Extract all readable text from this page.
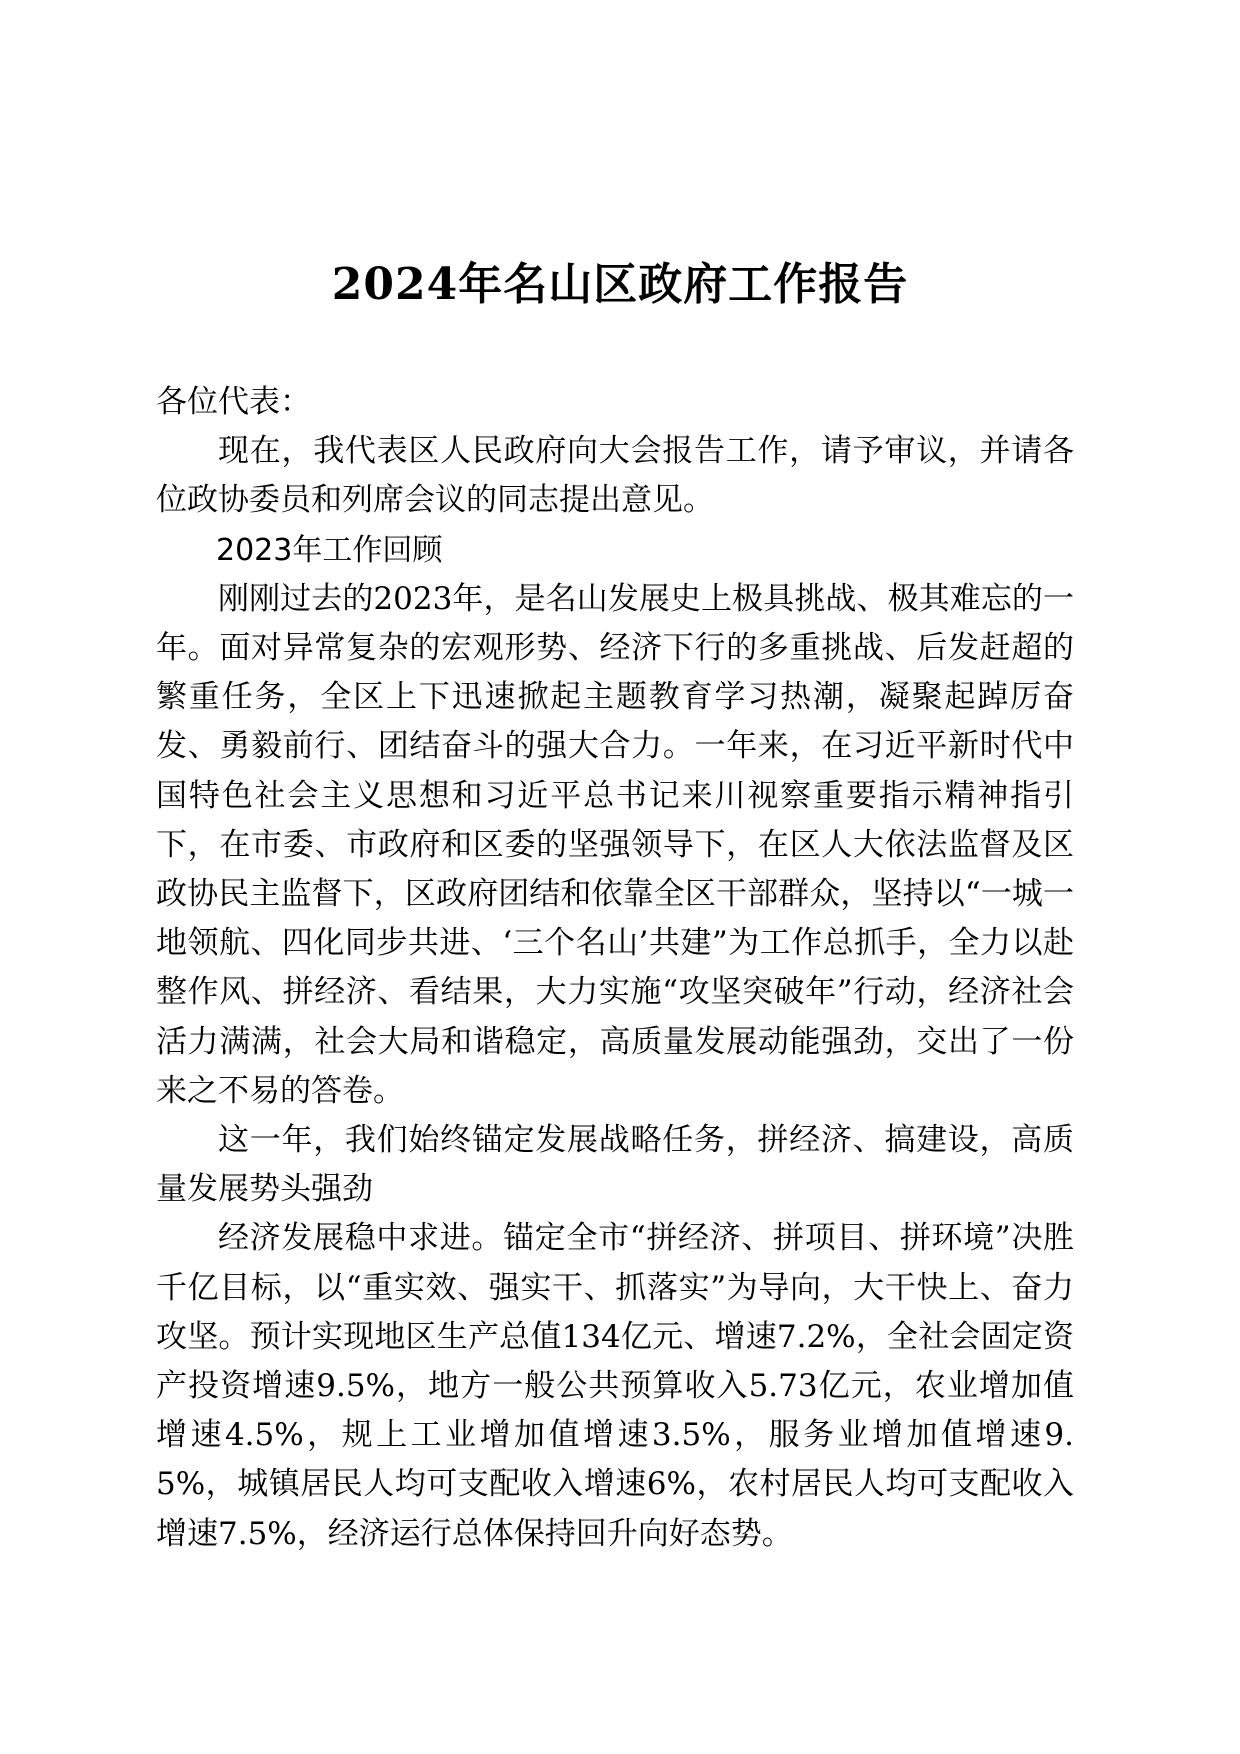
2024年名山区政府工作报告

各位代表：

现在，我代表区人民政府向大会报告工作，请予审议，并请各位政协委员和列席会议的同志提出意见。

2023年工作回顾

刚刚过去的2023年，是名山发展史上极具挑战、极其难忘的一年。面对异常复杂的宏观形势、经济下行的多重挑战、后发赶超的繁重任务，全区上下迅速掀起主题教育学习热潮，凝聚起踔厉奋发、勇毅前行、团结奋斗的强大合力。一年来，在习近平新时代中国特色社会主义思想和习近平总书记来川视察重要指示精神指引下，在市委、市政府和区委的坚强领导下，在区人大依法监督及区政协民主监督下，区政府团结和依靠全区干部群众，坚持以“一城一地领航、四化同步共进、‘三个名山’共建”为工作总抓手，全力以赴整作风、拼经济、看结果，大力实施“攻坚突破年”行动，经济社会活力满满，社会大局和谐稳定，高质量发展动能强劲，交出了一份来之不易的答卷。

这一年，我们始终锚定发展战略任务，拼经济、搞建设，高质量发展势头强劲

经济发展稳中求进。锚定全市“拼经济、拼项目、拼环境”决胜千亿目标，以“重实效、强实干、抓落实”为导向，大干快上、奋力攻坚。预计实现地区生产总值134亿元、增速7.2%，全社会固定资产投资增速9.5%，地方一般公共预算收入5.73亿元，农业增加值增速4.5%，规上工业增加值增速3.5%，服务业增加值增速9.5%，城镇居民人均可支配收入增速6%，农村居民人均可支配收入增速7.5%，经济运行总体保持回升向好态势。
